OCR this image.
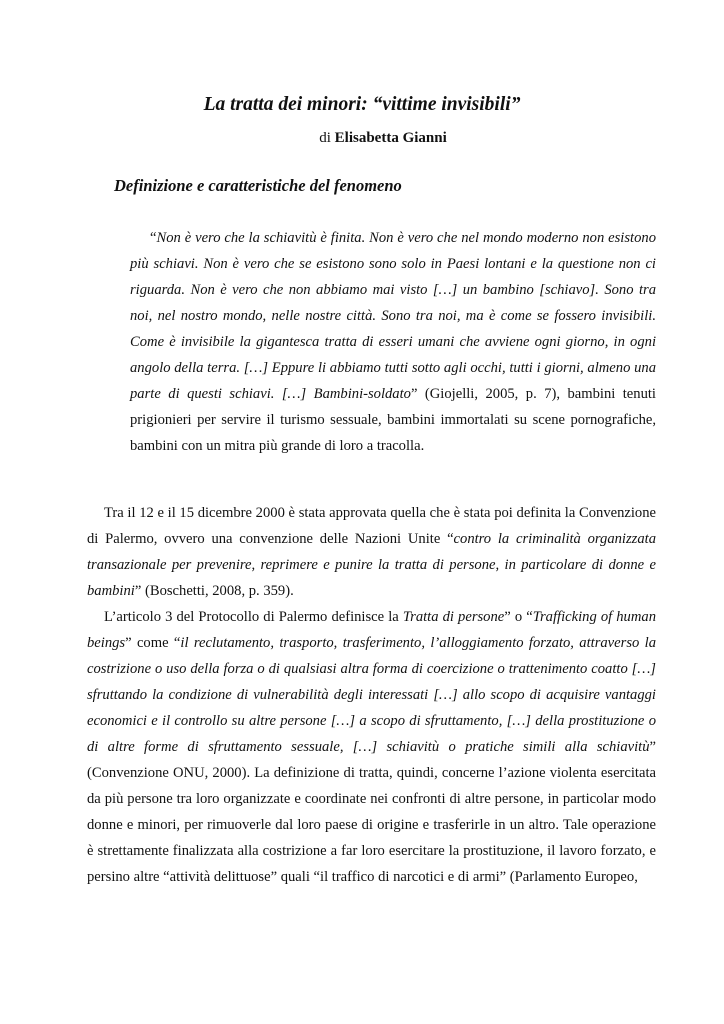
La tratta dei minori: “vittime invisibili”
di Elisabetta Gianni
Definizione e caratteristiche del fenomeno

“Non è vero che la schiavitù è finita. Non è vero che nel mondo moderno non esistono più schiavi. Non è vero che se esistono sono solo in Paesi lontani e la questione non ci riguarda. Non è vero che non abbiamo mai visto […] un bambino [schiavo]. Sono tra noi, nel nostro mondo, nelle nostre città. Sono tra noi, ma è come se fossero invisibili. Come è invisibile la gigantesca tratta di esseri umani che avviene ogni giorno, in ogni angolo della terra. […] Eppure li abbiamo tutti sotto agli occhi, tutti i giorni, almeno una parte di questi schiavi. […] Bambini-soldato” (Giojelli, 2005, p. 7), bambini tenuti prigionieri per servire il turismo sessuale, bambini immortalati su scene pornografiche, bambini con un mitra più grande di loro a tracolla.

Tra il 12 e il 15 dicembre 2000 è stata approvata quella che è stata poi definita la Convenzione di Palermo, ovvero una convenzione delle Nazioni Unite “contro la criminalità organizzata transazionale per prevenire, reprimere e punire la tratta di persone, in particolare di donne e bambini” (Boschetti, 2008, p. 359).

L’articolo 3 del Protocollo di Palermo definisce la Tratta di persone” o “Trafficking of human beings” come “il reclutamento, trasporto, trasferimento, l’alloggiamento forzato, attraverso la costrizione o uso della forza o di qualsiasi altra forma di coercizione o trattenimento coatto […] sfruttando la condizione di vulnerabilità degli interessati […] allo scopo di acquisire vantaggi economici e il controllo su altre persone […] a scopo di sfruttamento, […] della prostituzione o di altre forme di sfruttamento sessuale, […] schiavitù o pratiche simili alla schiavitù” (Convenzione ONU, 2000). La definizione di tratta, quindi, concerne l’azione violenta esercitata da più persone tra loro organizzate e coordinate nei confronti di altre persone, in particolar modo donne e minori, per rimuoverle dal loro paese di origine e trasferirle in un altro. Tale operazione è strettamente finalizzata alla costrizione a far loro esercitare la prostituzione, il lavoro forzato, e persino altre “attività delittuose” quali “il traffico di narcotici e di armi” (Parlamento Europeo,
